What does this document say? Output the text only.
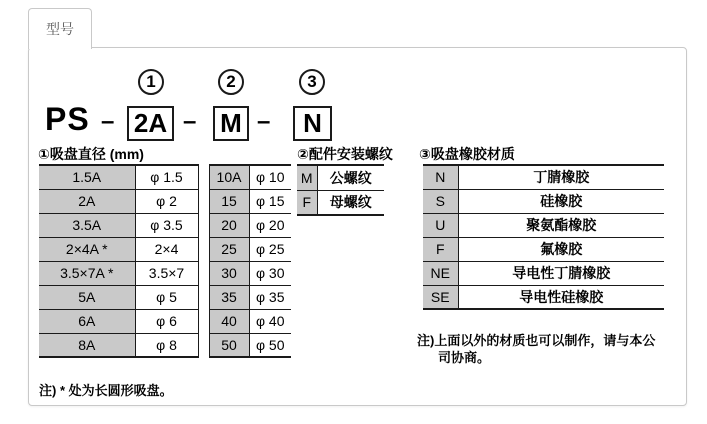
型号
1	2	3
PS – 2A – M –	N
①吸盘直径 (mm)	②配件安装螺纹 ③吸盘橡胶材质
1.5A	φ 1.5		10A	φ 10
2A	φ 2		15	φ 15
3.5A	φ 3.5		20	φ 20
2×4A *	2×4		25	φ 25
3.5×7A *	3.5×7		30	φ 30
5A	φ 5		35	φ 35
6A	φ 6		40	φ 40
8A	φ 8		50	φ 50
M	公螺纹
F	母螺纹
N	丁腈橡胶
S	硅橡胶
U	聚氨酯橡胶
F	氟橡胶
NE	导电性丁腈橡胶
SE	导电性硅橡胶
注) * 处为长圆形吸盘。
注)上面以外的材质也可以制作，请与本公
司协商。
